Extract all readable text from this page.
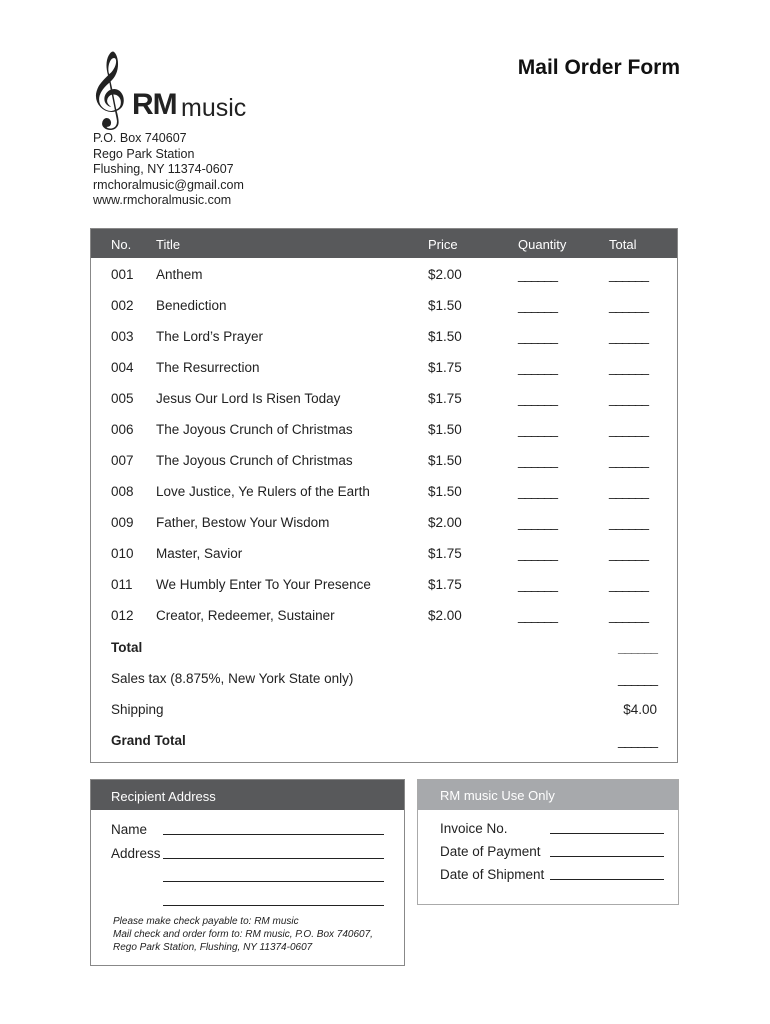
𝄞 RM music
Mail Order Form
P.O. Box 740607
Rego Park Station
Flushing, NY 11374-0607
rmchoralmusic@gmail.com
www.rmchoralmusic.com
No. Title	Price	Quantity	Total
001 Anthem	$2.00	______	______
002 Benediction	$1.50	______	______
003 The Lord’s Prayer	$1.50	______	______
004 The Resurrection	$1.75	______	______
005 Jesus Our Lord Is Risen Today	$1.75	______	______
006 The Joyous Crunch of Christmas	$1.50	______	______
007 The Joyous Crunch of Christmas	$1.50	______	______
008 Love Justice, Ye Rulers of the Earth	$1.50	______	______
009 Father, Bestow Your Wisdom	$2.00	______	______
010 Master, Savior	$1.75	______	______
011 We Humbly Enter To Your Presence	$1.75	______	______
012 Creator, Redeemer, Sustainer	$2.00	______	______
Total	______
Sales tax (8.875%, New York State only)	______
Shipping	$4.00
Grand Total	______
Recipient Address
Name
Address
Please make check payable to: RM music
Mail check and order form to: RM music, P.O. Box 740607,
Rego Park Station, Flushing, NY 11374-0607
RM music Use Only
Invoice No.
Date of Payment
Date of Shipment
